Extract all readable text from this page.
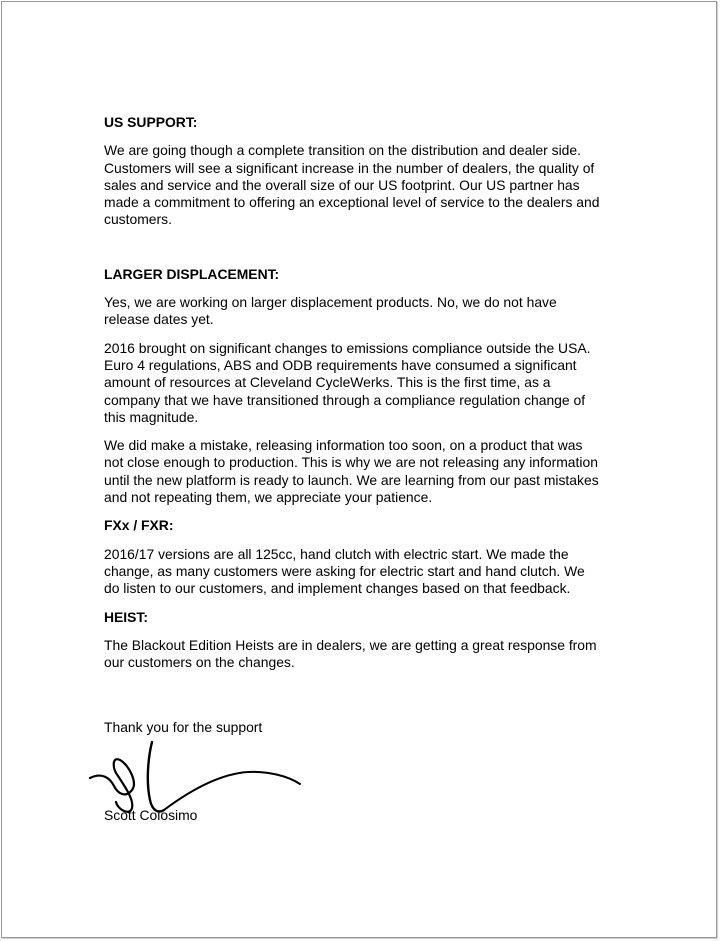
US SUPPORT:
We are going though a complete transition on the distribution and dealer side.
Customers will see a significant increase in the number of dealers, the quality of
sales and service and the overall size of our US footprint. Our US partner has
made a commitment to offering an exceptional level of service to the dealers and
customers.
LARGER DISPLACEMENT:
Yes, we are working on larger displacement products. No, we do not have
release dates yet.
2016 brought on significant changes to emissions compliance outside the USA.
Euro 4 regulations, ABS and ODB requirements have consumed a significant
amount of resources at Cleveland CycleWerks. This is the first time, as a
company that we have transitioned through a compliance regulation change of
this magnitude.
We did make a mistake, releasing information too soon, on a product that was
not close enough to production. This is why we are not releasing any information
until the new platform is ready to launch. We are learning from our past mistakes
and not repeating them, we appreciate your patience.
FXx / FXR:
2016/17 versions are all 125cc, hand clutch with electric start. We made the
change, as many customers were asking for electric start and hand clutch. We
do listen to our customers, and implement changes based on that feedback.
HEIST:
The Blackout Edition Heists are in dealers, we are getting a great response from
our customers on the changes.
Thank you for the support
Scott Colosimo
